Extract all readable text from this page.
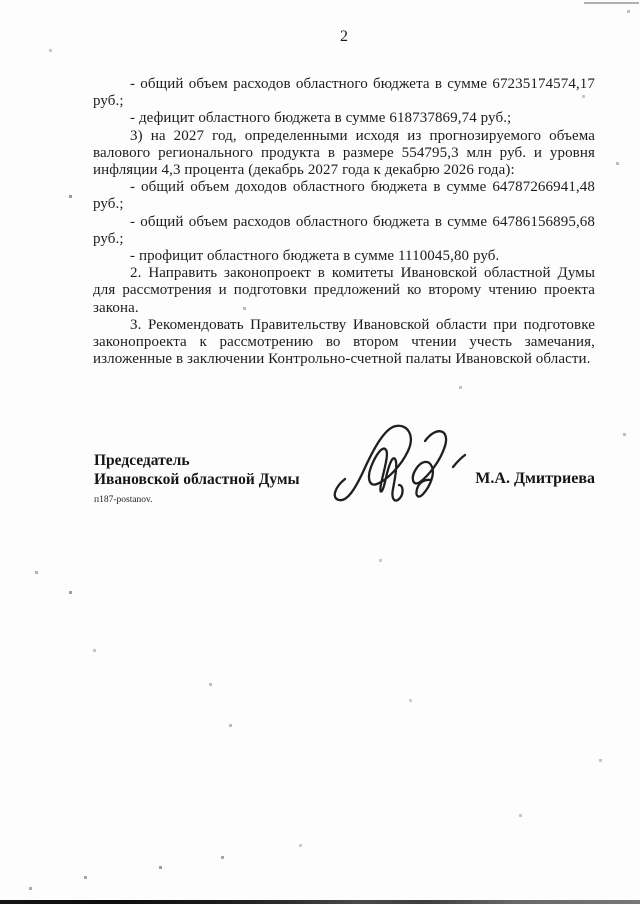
2
- общий объем расходов областного бюджета в сумме 67235174574,17
руб.;
- дефицит областного бюджета в сумме 618737869,74 руб.;
3) на 2027 год, определенными исходя из прогнозируемого объема
валового регионального продукта в размере 554795,3 млн руб. и уровня
инфляции 4,3 процента (декабрь 2027 года к декабрю 2026 года):
- общий объем доходов областного бюджета в сумме 64787266941,48
руб.;
- общий объем расходов областного бюджета в сумме 64786156895,68
руб.;
- профицит областного бюджета в сумме 1110045,80 руб.
2. Направить законопроект в комитеты Ивановской областной Думы
для рассмотрения и подготовки предложений ко второму чтению проекта
закона.
3. Рекомендовать Правительству Ивановской области при подготовке
законопроекта к рассмотрению во втором чтении учесть замечания,
изложенные в заключении Контрольно-счетной палаты Ивановской области.
Председатель
Ивановской областной Думы	М.А. Дмитриева
п187-postanov.
